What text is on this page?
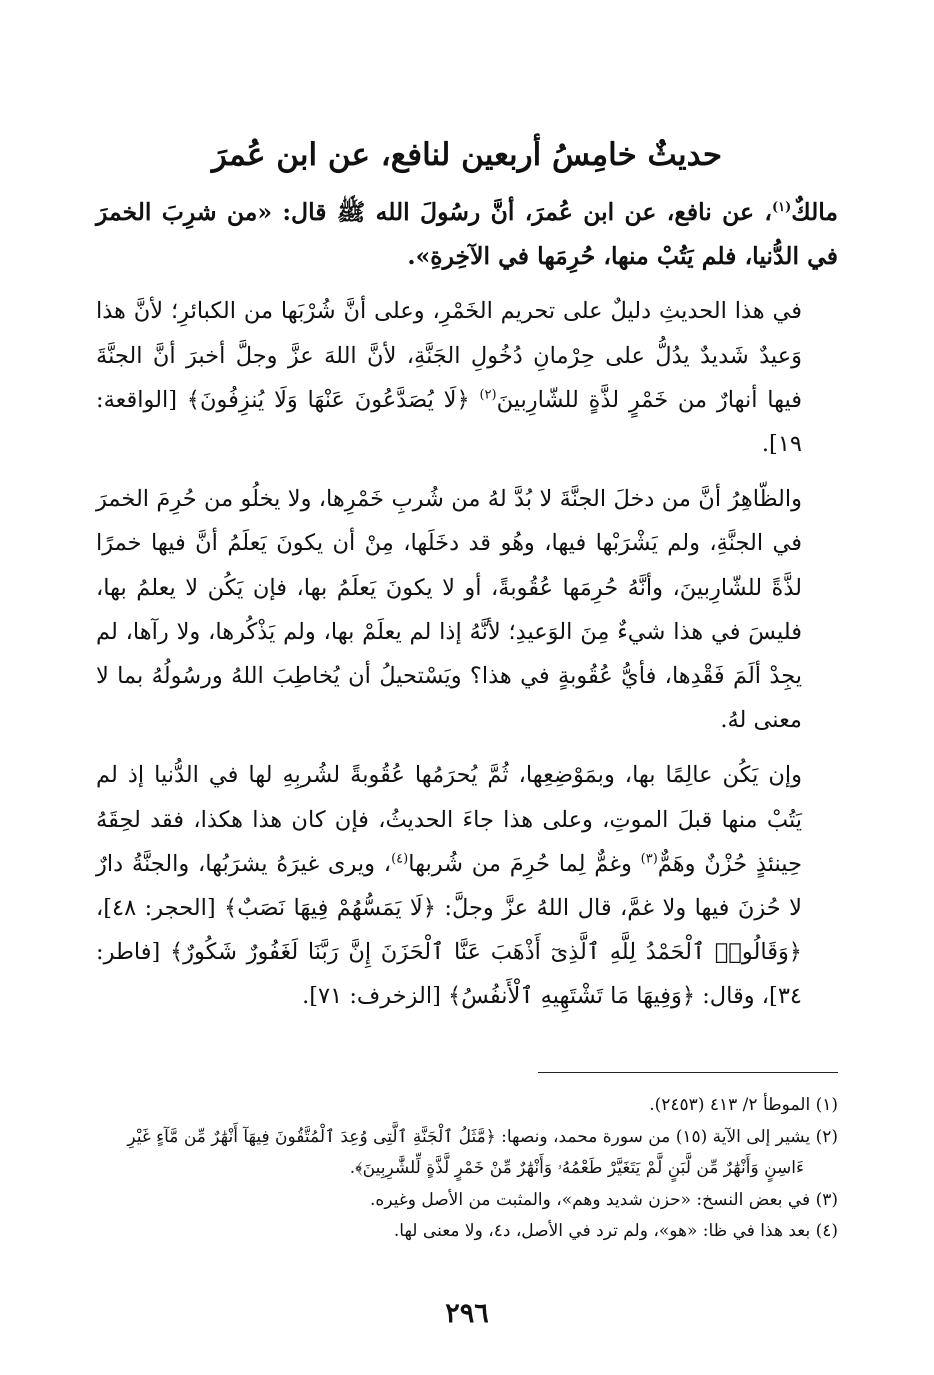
حديثٌ خامِسُ أربعين لنافع، عن ابن عُمرَ

مالكٌ$^{(١)}$، عن نافع، عن ابن عُمرَ، أنَّ رسُولَ الله ﷺ قال: «من شرِبَ الخمرَ في الدُّنيا، فلم يَتُبْ منها، حُرِمَها في الآخِرةِ».

في هذا الحديثِ دليلٌ على تحريم الخَمْرِ، وعلى أنَّ شُرْبَها من الكبائرِ؛ لأنَّ هذا وَعيدٌ شَديدٌ يدُلُّ على حِرْمانِ دُخُولِ الجَنَّةِ، لأنَّ اللهَ عزَّ وجلَّ أخبرَ أنَّ الجنَّةَ فيها أنهارٌ من خَمْرٍ لذَّةٍ للشّارِبينَ$^{(٢)}$ ﴿لَا يُصَدَّعُونَ عَنْهَا وَلَا يُنزِفُونَ﴾ [الواقعة: ١٩].

والظّاهِرُ أنَّ من دخلَ الجنَّةَ لا بُدَّ لهُ من شُربِ خَمْرِها، ولا يخلُو من حُرِمَ الخمرَ في الجنَّةِ، ولم يَشْرَبْها فيها، وهُو قد دخَلَها، مِنْ أن يكونَ يَعلَمُ أنَّ فيها خمرًا لذَّةً للشّارِبينَ، وأنَّهُ حُرِمَها عُقُوبةً، أو لا يكونَ يَعلَمُ بها، فإن يَكُن لا يعلمُ بها، فليسَ في هذا شيءٌ مِنَ الوَعيدِ؛ لأنَّهُ إذا لم يعلَمْ بها، ولم يَذْكُرها، ولا رآها، لم يجِدْ ألَمَ فَقْدِها، فأيُّ عُقُوبةٍ في هذا؟ ويَسْتحيلُ أن يُخاطِبَ اللهُ ورسُولُهُ بما لا معنى لهُ.

وإن يَكُن عالِمًا بها، وبمَوْضِعِها، ثُمَّ يُحرَمُها عُقُوبةً لشُربِهِ لها في الدُّنيا إذ لم يَتُبْ منها قبلَ الموتِ، وعلى هذا جاءَ الحديثُ، فإن كان هذا هكذا، فقد لحِقَهُ حِينئذٍ حُزْنٌ وهَمٌّ$^{(٣)}$ وغمٌّ لِما حُرِمَ من شُربها$^{(٤)}$، ويرى غيرَهُ يشرَبُها، والجنَّةُ دارٌ لا حُزنَ فيها ولا غمَّ، قال اللهُ عزَّ وجلَّ: ﴿لَا يَمَسُّهُمْ فِيهَا نَصَبٌ﴾ [الحجر: ٤٨]، ﴿وَقَالُوا۟ ٱلْحَمْدُ لِلَّهِ ٱلَّذِىٓ أَذْهَبَ عَنَّا ٱلْحَزَنَ إِنَّ رَبَّنَا لَغَفُورٌ شَكُورٌ﴾ [فاطر: ٣٤]، وقال: ﴿وَفِيهَا مَا تَشْتَهِيهِ ٱلْأَنفُسُ﴾ [الزخرف: ٧١].

(١) الموطأ ٢/ ٤١٣ (٢٤٥٣).

(٢) يشير إلى الآية (١٥) من سورة محمد، ونصها: ﴿مَّثَلُ ٱلْجَنَّةِ ٱلَّتِى وُعِدَ ٱلْمُتَّقُونَ فِيهَآ أَنْهَٰرٌ مِّن مَّآءٍ غَيْرِ

ءَاسِنٍ وَأَنْهَٰرٌ مِّن لَّبَنٍ لَّمْ يَتَغَيَّرْ طَعْمُهُۥ وَأَنْهَٰرٌ مِّنْ خَمْرٍ لَّذَّةٍ لِّلشَّٰرِبِينَ﴾.

(٣) في بعض النسخ: «حزن شديد وهم»، والمثبت من الأصل وغيره.

(٤) بعد هذا في ظا: «هو»، ولم ترد في الأصل، د٤، ولا معنى لها.

٢٩٦
